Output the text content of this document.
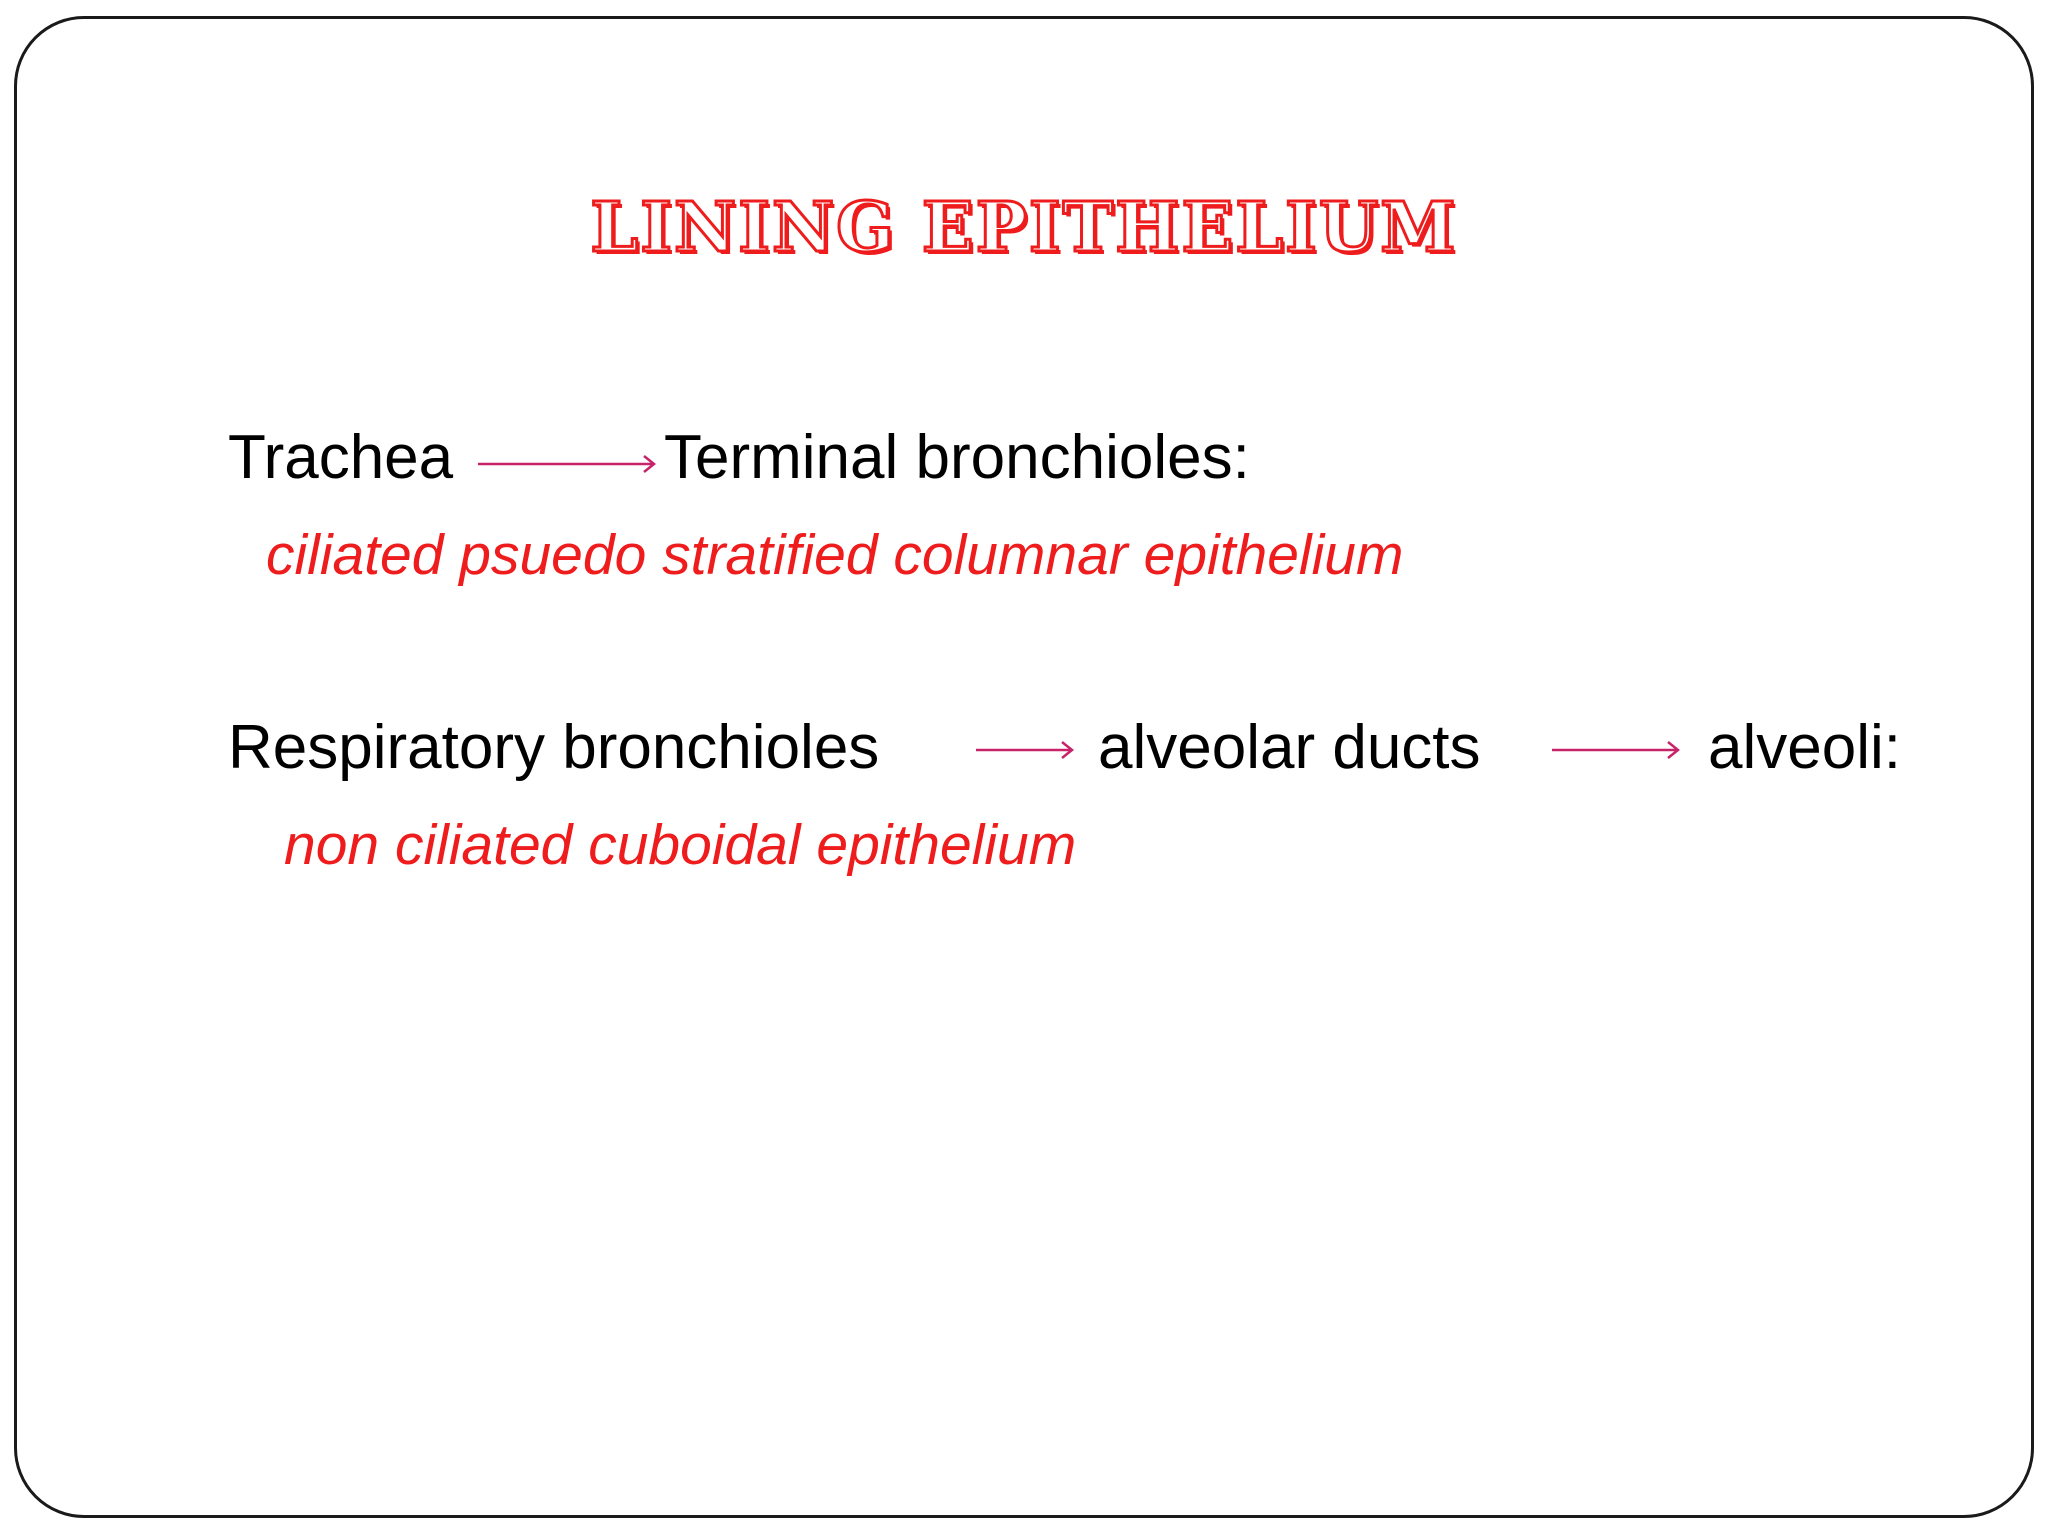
LINING EPITHELIUM
Trachea	Terminal bronchioles:
ciliated psuedo stratified columnar epithelium
Respiratory bronchioles	alveolar ducts	alveoli:
non ciliated cuboidal epithelium
